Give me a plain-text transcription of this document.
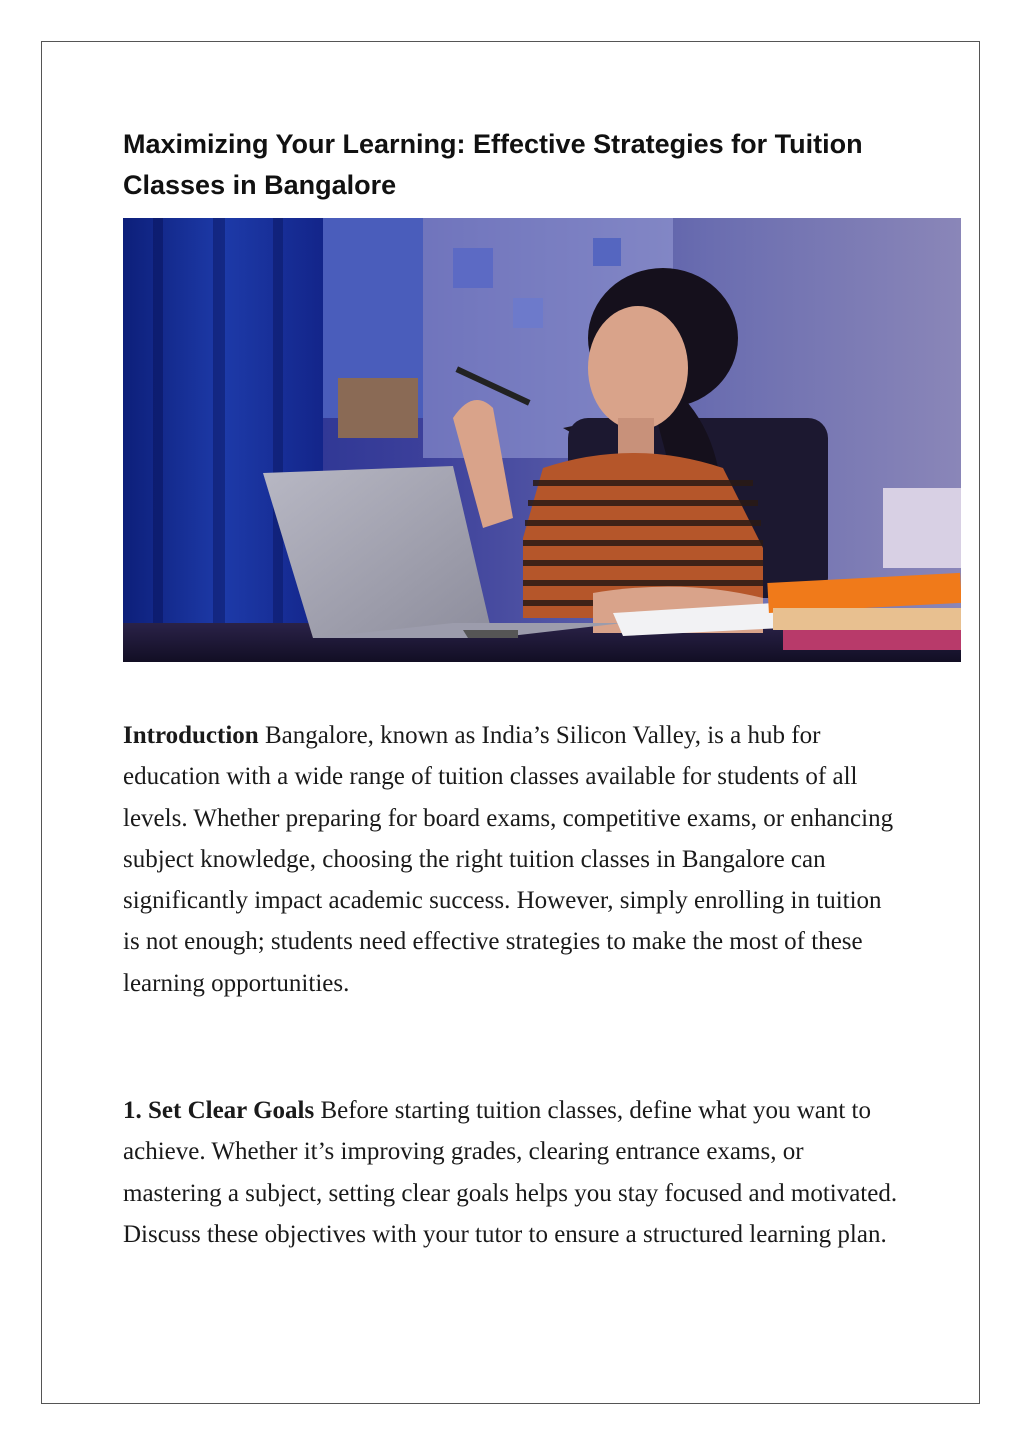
Maximizing Your Learning: Effective Strategies for Tuition Classes in Bangalore

Introduction Bangalore, known as India’s Silicon Valley, is a hub for education with a wide range of tuition classes available for students of all levels. Whether preparing for board exams, competitive exams, or enhancing subject knowledge, choosing the right tuition classes in Bangalore can significantly impact academic success. However, simply enrolling in tuition is not enough; students need effective strategies to make the most of these learning opportunities.

1. Set Clear Goals Before starting tuition classes, define what you want to achieve. Whether it’s improving grades, clearing entrance exams, or mastering a subject, setting clear goals helps you stay focused and motivated. Discuss these objectives with your tutor to ensure a structured learning plan.
